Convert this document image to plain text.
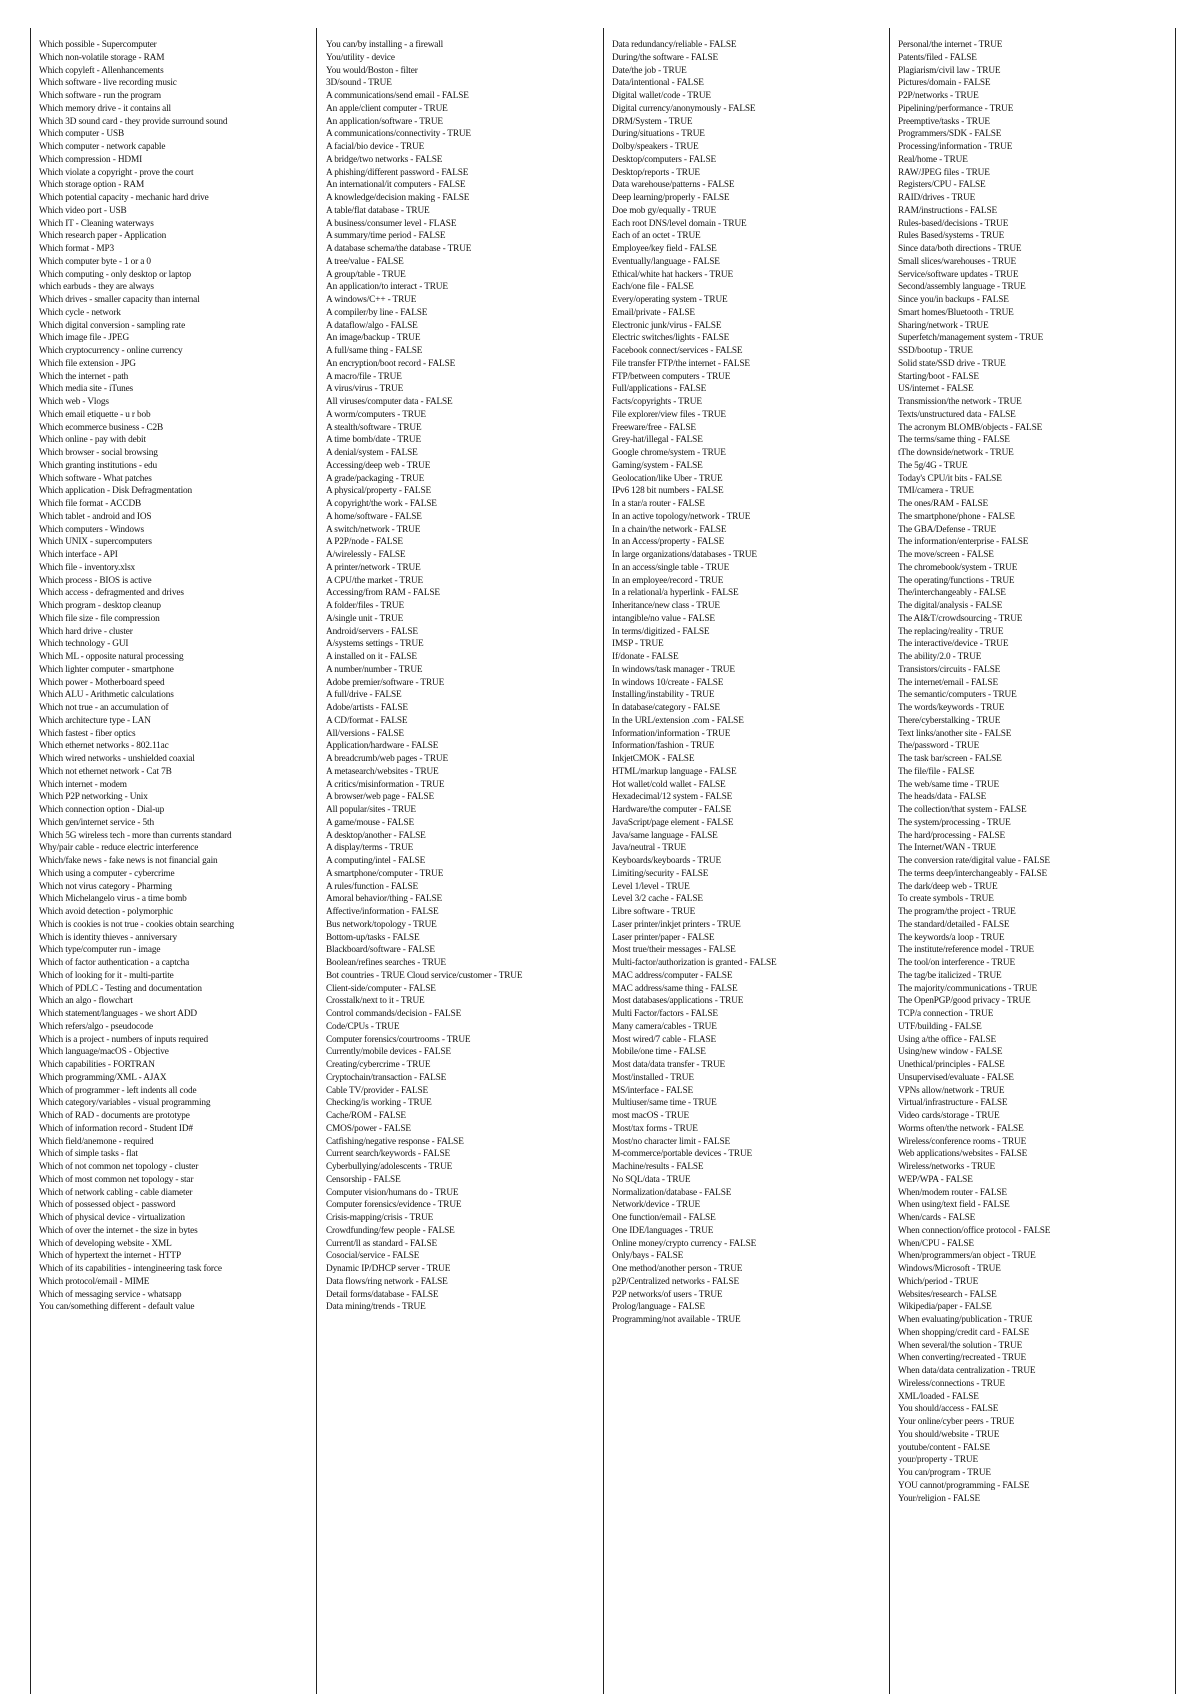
Which possible - Supercomputer
Which non-volatile storage - RAM
Which copyleft - Allenhancements
Which software - live recording music
Which software - run the program
Which memory drive - it contains all
Which 3D sound card - they provide surround sound
Which computer - USB
Which computer - network capable
Which compression - HDMI
Which violate a copyright - prove the court
Which storage option - RAM
Which potential capacity - mechanic hard drive
Which video port - USB
Which IT - Cleaning waterways
Which research paper - Application
Which format - MP3
Which computer byte - 1 or a 0
Which computing - only desktop or laptop
which earbuds - they are always
Which drives - smaller capacity than internal
Which cycle - network
Which digital conversion - sampling rate
Which image file - JPEG
Which cryptocurrency - online currency
Which file extension - JPG
Which the internet - path
Which media site - iTunes
Which web - Vlogs
Which email etiquette - u r bob
Which ecommerce business - C2B
Which online - pay with debit
Which browser - social browsing
Which granting institutions - edu
Which software - What patches
Which application - Disk Defragmentation
Which file format - ACCDB
Which tablet - android and IOS
Which computers - Windows
Which UNIX - supercomputers
Which interface - API
Which file - inventory.xlsx
Which process - BIOS is active
Which access - defragmented and drives
Which program - desktop cleanup
Which file size - file compression
Which hard drive - cluster
Which technology - GUI
Which ML - opposite natural processing
Which lighter computer - smartphone
Which power - Motherboard speed
Which ALU - Arithmetic calculations
Which not true - an accumulation of
Which architecture type - LAN
Which fastest - fiber optics
Which ethernet networks - 802.11ac
Which wired networks - unshielded coaxial
Which not ethernet network - Cat 7B
Which internet - modem
Which P2P networking - Unix
Which connection option - Dial-up
Which gen/internet service - 5th
Which 5G wireless tech - more than currents standard
Why/pair cable - reduce electric interference
Which/fake news - fake news is not financial gain
Which using a computer - cybercrime
Which not virus category - Pharming
Which Michelangelo virus - a time bomb
Which avoid detection - polymorphic
Which is cookies is not true - cookies obtain searching
Which is identity thieves - anniversary
Which type/computer run - image
Which of factor authentication - a captcha
Which of looking for it - multi-partite
Which of PDLC - Testing and documentation
Which an algo - flowchart
Which statement/languages - we short ADD
Which refers/algo - pseudocode
Which is a project - numbers of inputs required
Which language/macOS - Objective
Which capabilities - FORTRAN
Which programming/XML - AJAX
Which of programmer - left indents all code
Which category/variables - visual programming
Which of RAD - documents are prototype
Which of information record - Student ID#
Which field/anemone - required
Which of simple tasks - flat
Which of not common net topology - cluster
Which of most common net topology - star
Which of network cabling - cable diameter
Which of possessed object - password
Which of physical device - virtualization
Which of over the internet - the size in bytes
Which of developing website - XML
Which of hypertext the internet - HTTP
Which of its capabilities - intengineering task force
Which protocol/email - MIME
Which of messaging service - whatsapp
You can/something different - default value
You can/by installing - a firewall
You/utility - device
You would/Boston - filter
3D/sound - TRUE
A communications/send email - FALSE
An apple/client computer - TRUE
An application/software - TRUE
A communications/connectivity - TRUE
A facial/bio device - TRUE
A bridge/two networks - FALSE
A phishing/different password - FALSE
An international/it computers - FALSE
A knowledge/decision making - FALSE
A table/flat database - TRUE
A business/consumer level - FLASE
A summary/time period - FALSE
A database schema/the database - TRUE
A tree/value - FALSE
A group/table - TRUE
An application/to interact - TRUE
A windows/C++ - TRUE
A compiler/by line - FALSE
A dataflow/algo - FALSE
An image/backup - TRUE
A full/same thing - FALSE
An encryption/boot record - FALSE
A macro/file - TRUE
A virus/virus - TRUE
All viruses/computer data - FALSE
A worm/computers - TRUE
A stealth/software - TRUE
A time bomb/date - TRUE
A denial/system - FALSE
Accessing/deep web - TRUE
A grade/packaging - TRUE
A physical/property - FALSE
A copyright/the work - FALSE
A home/software - FALSE
A switch/network - TRUE
A P2P/node - FALSE
A/wirelessly - FALSE
A printer/network - TRUE
A CPU/the market - TRUE
Accessing/from RAM - FALSE
A folder/files - TRUE
A/single unit - TRUE
Android/servers - FALSE
A/systems settings - TRUE
A installed on it - FALSE
A number/number - TRUE
Adobe premier/software - TRUE
A full/drive - FALSE
Adobe/artists - FALSE
A CD/format - FALSE
All/versions - FALSE
Application/hardware - FALSE
A breadcrumb/web pages - TRUE
A metasearch/websites - TRUE
A critics/misinformation - TRUE
A browser/web page - FALSE
All popular/sites - TRUE
A game/mouse - FALSE
A desktop/another - FALSE
A display/terms - TRUE
A computing/intel - FALSE
A smartphone/computer - TRUE
A rules/function - FALSE
Amoral behavior/thing - FALSE
Affective/information - FALSE
Bus network/topology - TRUE
Bottom-up/tasks - FALSE
Blackboard/software - FALSE
Boolean/refines searches - TRUE
Bot countries - TRUE Cloud service/customer - TRUE
Client-side/computer - FALSE
Crosstalk/next to it - TRUE
Control commands/decision - FALSE
Code/CPUs - TRUE
Computer forensics/courtrooms - TRUE
Currently/mobile devices - FALSE
Creating/cybercrime - TRUE
Cryptochain/transaction - FALSE
Cable TV/provider - FALSE
Checking/is working - TRUE
Cache/ROM - FALSE
CMOS/power - FALSE
Catfishing/negative response - FALSE
Current search/keywords - FALSE
Cyberbullying/adolescents - TRUE
Censorship - FALSE
Computer vision/humans do - TRUE
Computer forensics/evidence - TRUE
Crisis-mapping/crisis - TRUE
Crowdfunding/few people - FALSE
Current/ll as standard - FALSE
Cosocial/service - FALSE
Dynamic IP/DHCP server - TRUE
Data flows/ring network - FALSE
Detail forms/database - FALSE
Data mining/trends - TRUE
Data redundancy/reliable - FALSE
During/the software - FALSE
Date/the job - TRUE
Data/intentional - FALSE
Digital wallet/code - TRUE
Digital currency/anonymously - FALSE
DRM/System - TRUE
During/situations - TRUE
Dolby/speakers - TRUE
Desktop/computers - FALSE
Desktop/reports - TRUE
Data warehouse/patterns - FALSE
Deep learning/properly - FALSE
Doe mob gy/equally - TRUE
Each root DNS/level domain - TRUE
Each of an octet - TRUE
Employee/key field - FALSE
Eventually/language - FALSE
Ethical/white hat hackers - TRUE
Each/one file - FALSE
Every/operating system - TRUE
Email/private - FALSE
Electronic junk/virus - FALSE
Electric switches/lights - FALSE
Facebook connect/services - FALSE
File transfer FTP/the internet - FALSE
FTP/between computers - TRUE
Full/applications - FALSE
Facts/copyrights - TRUE
File explorer/view files - TRUE
Freeware/free - FALSE
Grey-hat/illegal - FALSE
Google chrome/system - TRUE
Gaming/system - FALSE
Geolocation/like Uber - TRUE
IPv6 128 bit numbers - FALSE
In a star/a router - FALSE
In an active topology/network - TRUE
In a chain/the network - FALSE
In an Access/property - FALSE
In large organizations/databases - TRUE
In an access/single table - TRUE
In an employee/record - TRUE
In a relational/a hyperlink - FALSE
Inheritance/new class - TRUE
intangible/no value - FALSE
In terms/digitized - FALSE
IMSP - TRUE
If/donate - FALSE
In windows/task manager - TRUE
In windows 10/create - FALSE
Installing/instability - TRUE
In database/category - FALSE
In the URL/extension .com - FALSE
Information/information - TRUE
Information/fashion - TRUE
InkjetCMOK - FALSE
HTML/markup language - FALSE
Hot wallet/cold wallet - FALSE
Hexadecimal/12 system - FALSE
Hardware/the computer - FALSE
JavaScript/page element - FALSE
Java/same language - FALSE
Java/neutral - TRUE
Keyboards/keyboards - TRUE
Limiting/security - FALSE
Level 1/level - TRUE
Level 3/2 cache - FALSE
Libre software - TRUE
Laser printer/inkjet printers - TRUE
Laser printer/paper - FALSE
Most true/their messages - FALSE
Multi-factor/authorization is granted - FALSE
MAC address/computer - FALSE
MAC address/same thing - FALSE
Most databases/applications - TRUE
Multi Factor/factors - FALSE
Many camera/cables - TRUE
Most wired/7 cable - FLASE
Mobile/one time - FALSE
Most data/data transfer - TRUE
Most/installed - TRUE
MS/interface - FALSE
Multiuser/same time - TRUE
most macOS - TRUE
Most/tax forms - TRUE
Most/no character limit - FALSE
M-commerce/portable devices - TRUE
Machine/results - FALSE
No SQL/data - TRUE
Normalization/database - FALSE
Network/device - TRUE
One function/email - FALSE
One IDE/languages - TRUE
Online money/crypto currency - FALSE
Only/bays - FALSE
One method/another person - TRUE
p2P/Centralized networks - FALSE
P2P networks/of users - TRUE
Prolog/language - FALSE
Programming/not available - TRUE
Personal/the internet - TRUE
Patents/filed - FALSE
Plagiarism/civil law - TRUE
Pictures/domain - FALSE
P2P/networks - TRUE
Pipelining/performance - TRUE
Preemptive/tasks - TRUE
Programmers/SDK - FALSE
Processing/information - TRUE
Real/home - TRUE
RAW/JPEG files - TRUE
Registers/CPU - FALSE
RAID/drives - TRUE
RAM/instructions - FALSE
Rules-based/decisions - TRUE
Rules Based/systems - TRUE
Since data/both directions - TRUE
Small slices/warehouses - TRUE
Service/software updates - TRUE
Second/assembly language - TRUE
Since you/in backups - FALSE
Smart homes/Bluetooth - TRUE
Sharing/network - TRUE
Superfetch/management system - TRUE
SSD/bootup - TRUE
Solid state/SSD drive - TRUE
Starting/boot - FALSE
US/internet - FALSE
Transmission/the network - TRUE
Texts/unstructured data - FALSE
The acronym BLOMB/objects - FALSE
The terms/same thing - FALSE
tThe downside/network - TRUE
The 5g/4G - TRUE
Today's CPU/it bits - FALSE
TMI/camera - TRUE
The ones/RAM - FALSE
The smartphone/phone - FALSE
The GBA/Defense - TRUE
The information/enterprise - FALSE
The move/screen - FALSE
The chromebook/system - TRUE
The operating/functions - TRUE
The/interchangeably - FALSE
The digital/analysis - FALSE
The AI&T/crowdsourcing - TRUE
The replacing/reality - TRUE
The interactive/device - TRUE
The ability/2.0 - TRUE
Transistors/circuits - FALSE
The internet/email - FALSE
The semantic/computers - TRUE
The words/keywords - TRUE
There/cyberstalking - TRUE
Text links/another site - FALSE
The/password - TRUE
The task bar/screen - FALSE
The file/file - FALSE
The web/same time - TRUE
The heads/data - FALSE
The collection/that system - FALSE
The system/processing - TRUE
The hard/processing - FALSE
The Internet/WAN - TRUE
The conversion rate/digital value - FALSE
The terms deep/interchangeably - FALSE
The dark/deep web - TRUE
To create symbols - TRUE
The program/the project - TRUE
The standard/detailed - FALSE
The keywords/a loop - TRUE
The institute/reference model - TRUE
The tool/on interference - TRUE
The tag/be italicized - TRUE
The majority/communications - TRUE
The OpenPGP/good privacy - TRUE
TCP/a connection - TRUE
UTF/building - FALSE
Using a/the office - FALSE
Using/new window - FALSE
Unethical/principles - FALSE
Unsupervised/evaluate - FALSE
VPNs allow/network - TRUE
Virtual/infrastructure - FALSE
Video cards/storage - TRUE
Worms often/the network - FALSE
Wireless/conference rooms - TRUE
Web applications/websites - FALSE
Wireless/networks - TRUE
WEP/WPA - FALSE
When/modem router - FALSE
When using/text field - FALSE
When/cards - FALSE
When connection/office protocol - FALSE
When/CPU - FALSE
When/programmers/an object - TRUE
Windows/Microsoft - TRUE
Which/period - TRUE
Websites/research - FALSE
Wikipedia/paper - FALSE
When evaluating/publication - TRUE
When shopping/credit card - FALSE
When several/the solution - TRUE
When converting/recreated - TRUE
When data/data centralization - TRUE
Wireless/connections - TRUE
XML/loaded - FALSE
You should/access - FALSE
Your online/cyber peers - TRUE
You should/website - TRUE
youtube/content - FALSE
your/property - TRUE
You can/program - TRUE
YOU cannot/programming - FALSE
Your/religion - FALSE
